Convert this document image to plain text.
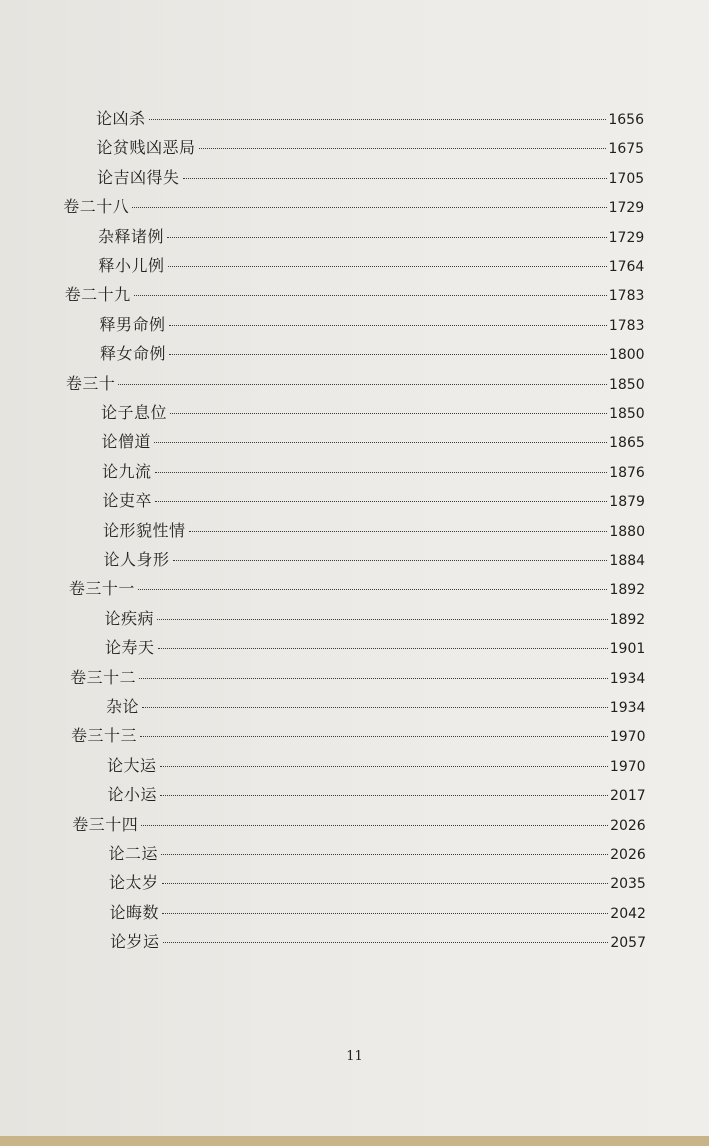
论凶杀	1656
论贫贱凶恶局	1675
论吉凶得失	1705
卷二十八	1729
杂释诸例	1729
释小儿例	1764
卷二十九	1783
释男命例	1783
释女命例	1800
卷三十	1850
论子息位	1850
论僧道	1865
论九流	1876
论吏卒	1879
论形貌性情	1880
论人身形	1884
卷三十一	1892
论疾病	1892
论寿天	1901
卷三十二	1934
杂论	1934
卷三十三	1970
论大运	1970
论小运	2017
卷三十四	2026
论二运	2026
论太岁	2035
论晦数	2042
论岁运	2057
11
